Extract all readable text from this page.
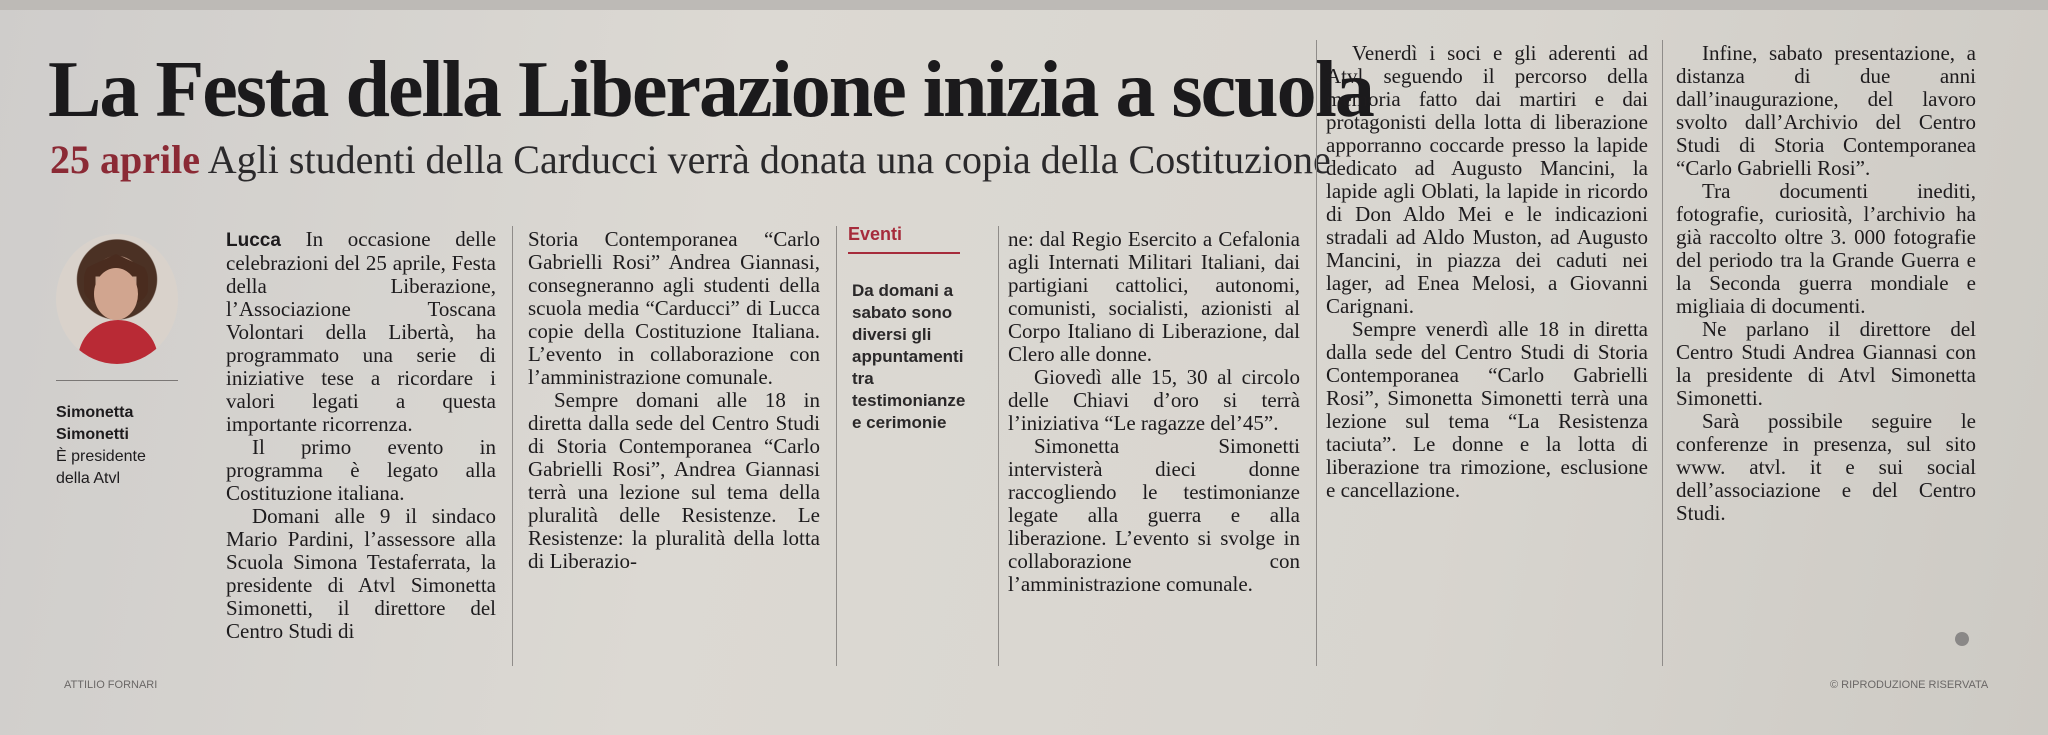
La Festa della Liberazione inizia a scuola
25 aprile Agli studenti della Carducci verrà donata una copia della Costituzione
Simonetta
Simonetti
È presidente
della Atvl

Lucca In occasione delle celebrazioni del 25 aprile, Festa della Liberazione, l’Associazione Toscana Volontari della Libertà, ha programmato una serie di iniziative tese a ricordare i valori legati a questa importante ricorrenza.

Il primo evento in programma è legato alla Costituzione italiana.

Domani alle 9 il sindaco Mario Pardini, l’assessore alla Scuola Simona Testaferrata, la presidente di Atvl Simonetta Simonetti, il direttore del Centro Studi di

Storia Contemporanea “Carlo Gabrielli Rosi” Andrea Giannasi, consegneranno agli studenti della scuola media “Carducci” di Lucca copie della Costituzione Italiana. L’evento in collaborazione con l’amministrazione comunale.

Sempre domani alle 18 in diretta dalla sede del Centro Studi di Storia Contemporanea “Carlo Gabrielli Rosi”, Andrea Giannasi terrà una lezione sul tema della pluralità delle Resistenze. Le Resistenze: la pluralità della lotta di Liberazio-

Eventi
Da domani a sabato sono diversi gli appuntamenti tra testimonianze e cerimonie

ne: dal Regio Esercito a Cefalonia agli Internati Militari Italiani, dai partigiani cattolici, autonomi, comunisti, socialisti, azionisti al Corpo Italiano di Liberazione, dal Clero alle donne.

Giovedì alle 15, 30 al circolo delle Chiavi d’oro si terrà l’iniziativa “Le ragazze del’45”.

Simonetta Simonetti intervisterà dieci donne raccogliendo le testimonianze legate alla guerra e alla liberazione. L’evento si svolge in collaborazione con l’amministrazione comunale.

Venerdì i soci e gli aderenti ad Atvl seguendo il percorso della memoria fatto dai martiri e dai protagonisti della lotta di liberazione apporranno coccarde presso la lapide dedicato ad Augusto Mancini, la lapide agli Oblati, la lapide in ricordo di Don Aldo Mei e le indicazioni stradali ad Aldo Muston, ad Augusto Mancini, in piazza dei caduti nei lager, ad Enea Melosi, a Giovanni Carignani.

Sempre venerdì alle 18 in diretta dalla sede del Centro Studi di Storia Contemporanea “Carlo Gabrielli Rosi”, Simonetta Simonetti terrà una lezione sul tema “La Resistenza taciuta”. Le donne e la lotta di liberazione tra rimozione, esclusione e cancellazione.

Infine, sabato presentazione, a distanza di due anni dall’inaugurazione, del lavoro svolto dall’Archivio del Centro Studi di Storia Contemporanea “Carlo Gabrielli Rosi”.

Tra documenti inediti, fotografie, curiosità, l’archivio ha già raccolto oltre 3. 000 fotografie del periodo tra la Grande Guerra e la Seconda guerra mondiale e migliaia di documenti.

Ne parlano il direttore del Centro Studi Andrea Giannasi con la presidente di Atvl Simonetta Simonetti.

Sarà possibile seguire le conferenze in presenza, sul sito www. atvl. it e sui social dell’associazione e del Centro Studi.

ATTILIO FORNARI	© RIPRODUZIONE RISERVATA
